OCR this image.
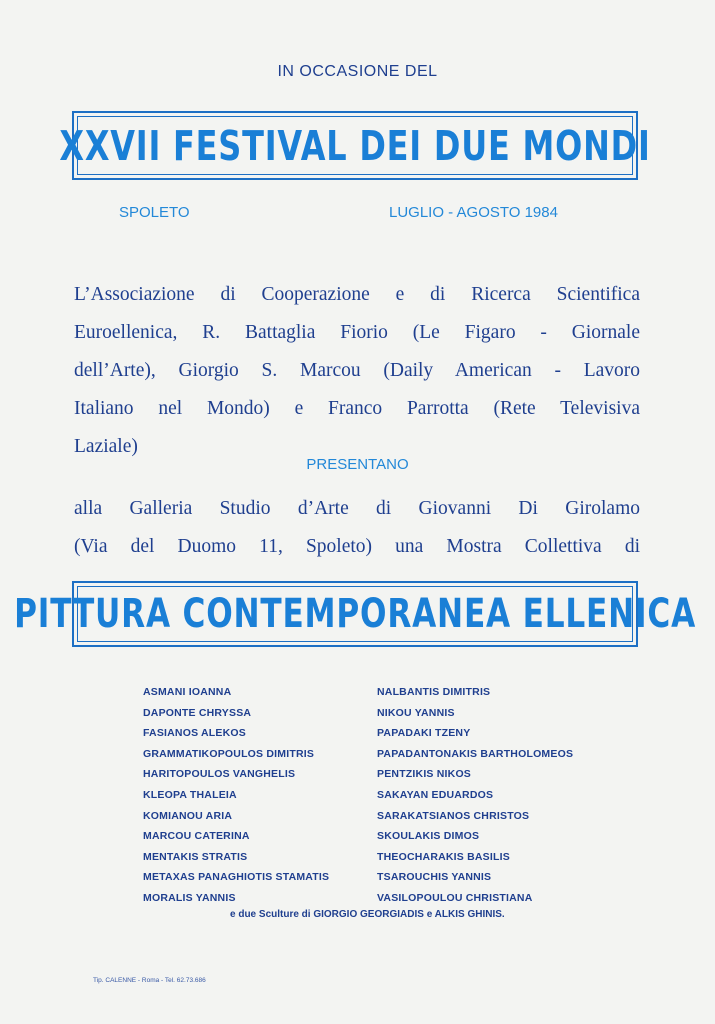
IN OCCASIONE DEL
XXVII FESTIVAL DEI DUE MONDI
SPOLETO	LUGLIO - AGOSTO 1984
L’Associazione di Cooperazione e di Ricerca Scientifica
Euroellenica, R. Battaglia Fiorio (Le Figaro - Giornale
dell’Arte), Giorgio S. Marcou (Daily American - Lavoro
Italiano nel Mondo) e Franco Parrotta (Rete Televisiva
Laziale)
PRESENTANO
alla Galleria Studio d’Arte di Giovanni Di Girolamo
(Via del Duomo 11, Spoleto) una Mostra Collettiva di
PITTURA CONTEMPORANEA ELLENICA
ASMANI IOANNA
DAPONTE CHRYSSA
FASIANOS ALEKOS
GRAMMATIKOPOULOS DIMITRIS
HARITOPOULOS VANGHELIS
KLEOPA THALEIA
KOMIANOU ARIA
MARCOU CATERINA
MENTAKIS STRATIS
METAXAS PANAGHIOTIS STAMATIS
MORALIS YANNIS
NALBANTIS DIMITRIS
NIKOU YANNIS
PAPADAKI TZENY
PAPADANTONAKIS BARTHOLOMEOS
PENTZIKIS NIKOS
SAKAYAN EDUARDOS
SARAKATSIANOS CHRISTOS
SKOULAKIS DIMOS
THEOCHARAKIS BASILIS
TSAROUCHIS YANNIS
VASILOPOULOU CHRISTIANA
e due Sculture di GIORGIO GEORGIADIS e ALKIS GHINIS.
Tip. CALENNE - Roma - Tel. 62.73.686
